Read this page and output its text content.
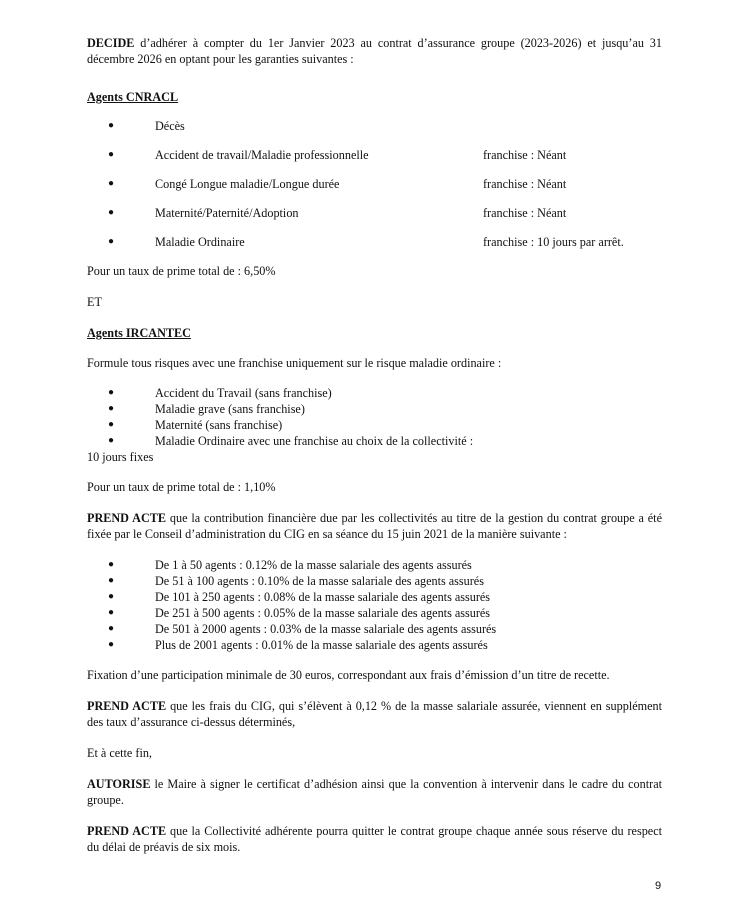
DECIDE d’adhérer à compter du 1er Janvier 2023 au contrat d’assurance groupe (2023-2026) et jusqu’au 31 décembre 2026 en optant pour les garanties suivantes :

Agents CNRACL

●	Décès
●	Accident de travail/Maladie professionnelle	franchise : Néant
●	Congé Longue maladie/Longue durée	franchise : Néant
●	Maternité/Paternité/Adoption	franchise : Néant
●	Maladie Ordinaire	franchise : 10 jours par arrêt.

Pour un taux de prime total de : 6,50%

ET

Agents IRCANTEC

Formule tous risques avec une franchise uniquement sur le risque maladie ordinaire :

●	Accident du Travail (sans franchise)
●	Maladie grave (sans franchise)
●	Maternité (sans franchise)
●	Maladie Ordinaire avec une franchise au choix de la collectivité :

10 jours fixes

Pour un taux de prime total de : 1,10%

PREND ACTE que la contribution financière due par les collectivités au titre de la gestion du contrat groupe a été fixée par le Conseil d’administration du CIG en sa séance du 15 juin 2021 de la manière suivante :

●	De 1 à 50 agents : 0.12% de la masse salariale des agents assurés
●	De 51 à 100 agents : 0.10% de la masse salariale des agents assurés
●	De 101 à 250 agents : 0.08% de la masse salariale des agents assurés
●	De 251 à 500 agents : 0.05% de la masse salariale des agents assurés
●	De 501 à 2000 agents : 0.03% de la masse salariale des agents assurés
●	Plus de 2001 agents : 0.01% de la masse salariale des agents assurés

Fixation d’une participation minimale de 30 euros, correspondant aux frais d’émission d’un titre de recette.

PREND ACTE que les frais du CIG, qui s’élèvent à 0,12 % de la masse salariale assurée, viennent en supplément des taux d’assurance ci-dessus déterminés,

Et à cette fin,

AUTORISE le Maire à signer le certificat d’adhésion ainsi que la convention à intervenir dans le cadre du contrat groupe.

PREND ACTE que la Collectivité adhérente pourra quitter le contrat groupe chaque année sous réserve du respect du délai de préavis de six mois.

9
